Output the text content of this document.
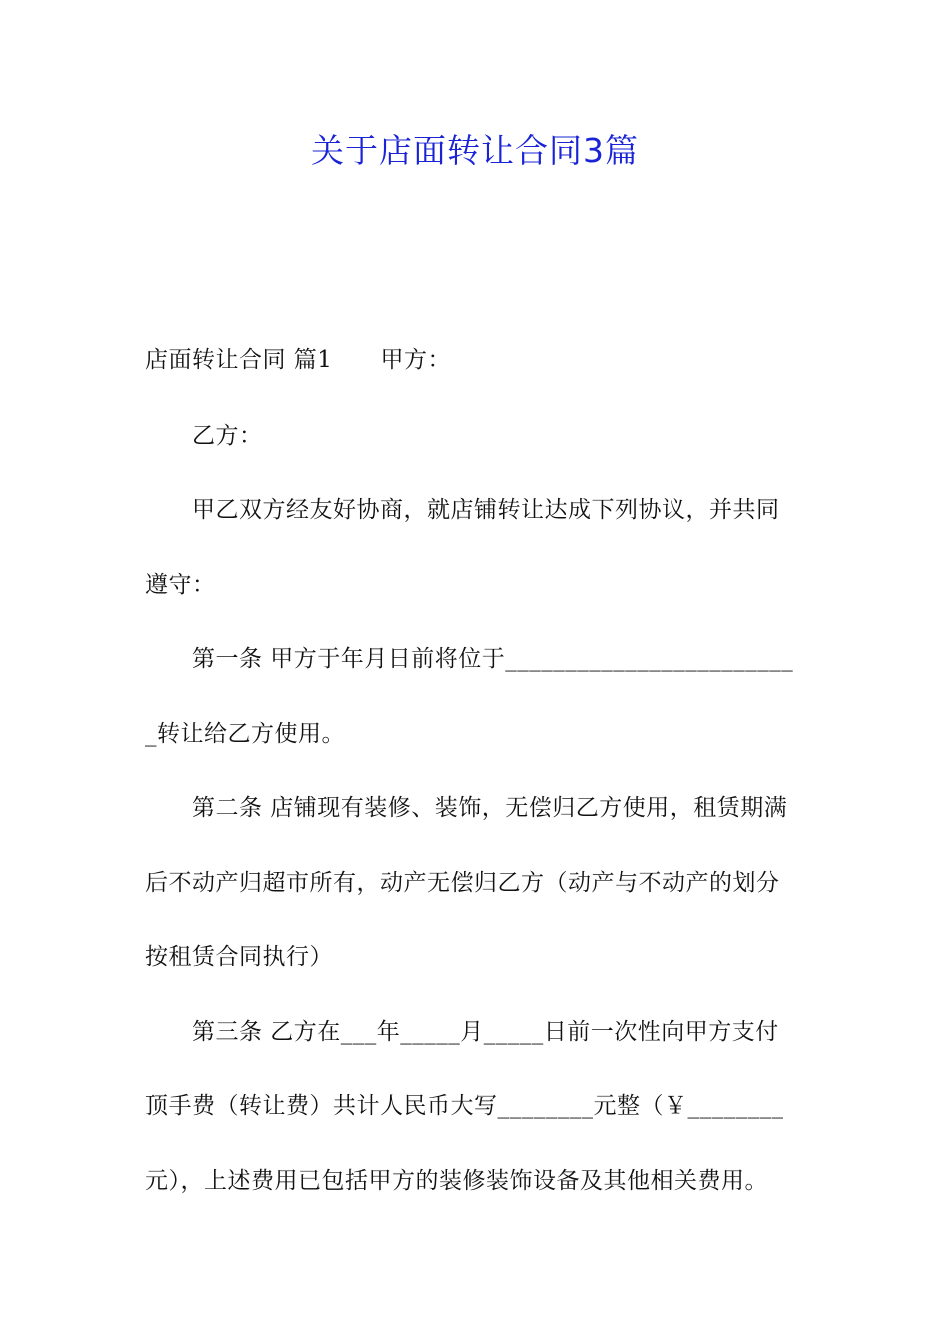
关于店面转让合同3篇
店面转让合同 篇1 甲方：
乙方：
甲乙双方经友好协商，就店铺转让达成下列协议，并共同
遵守：
第一条 甲方于年月日前将位于________________________
_转让给乙方使用。
第二条 店铺现有装修、装饰，无偿归乙方使用，租赁期满
后不动产归超市所有，动产无偿归乙方（动产与不动产的划分
按租赁合同执行）
第三条 乙方在___年_____月_____日前一次性向甲方支付
顶手费（转让费）共计人民币大写________元整（￥________
元），上述费用已包括甲方的装修装饰设备及其他相关费用。
